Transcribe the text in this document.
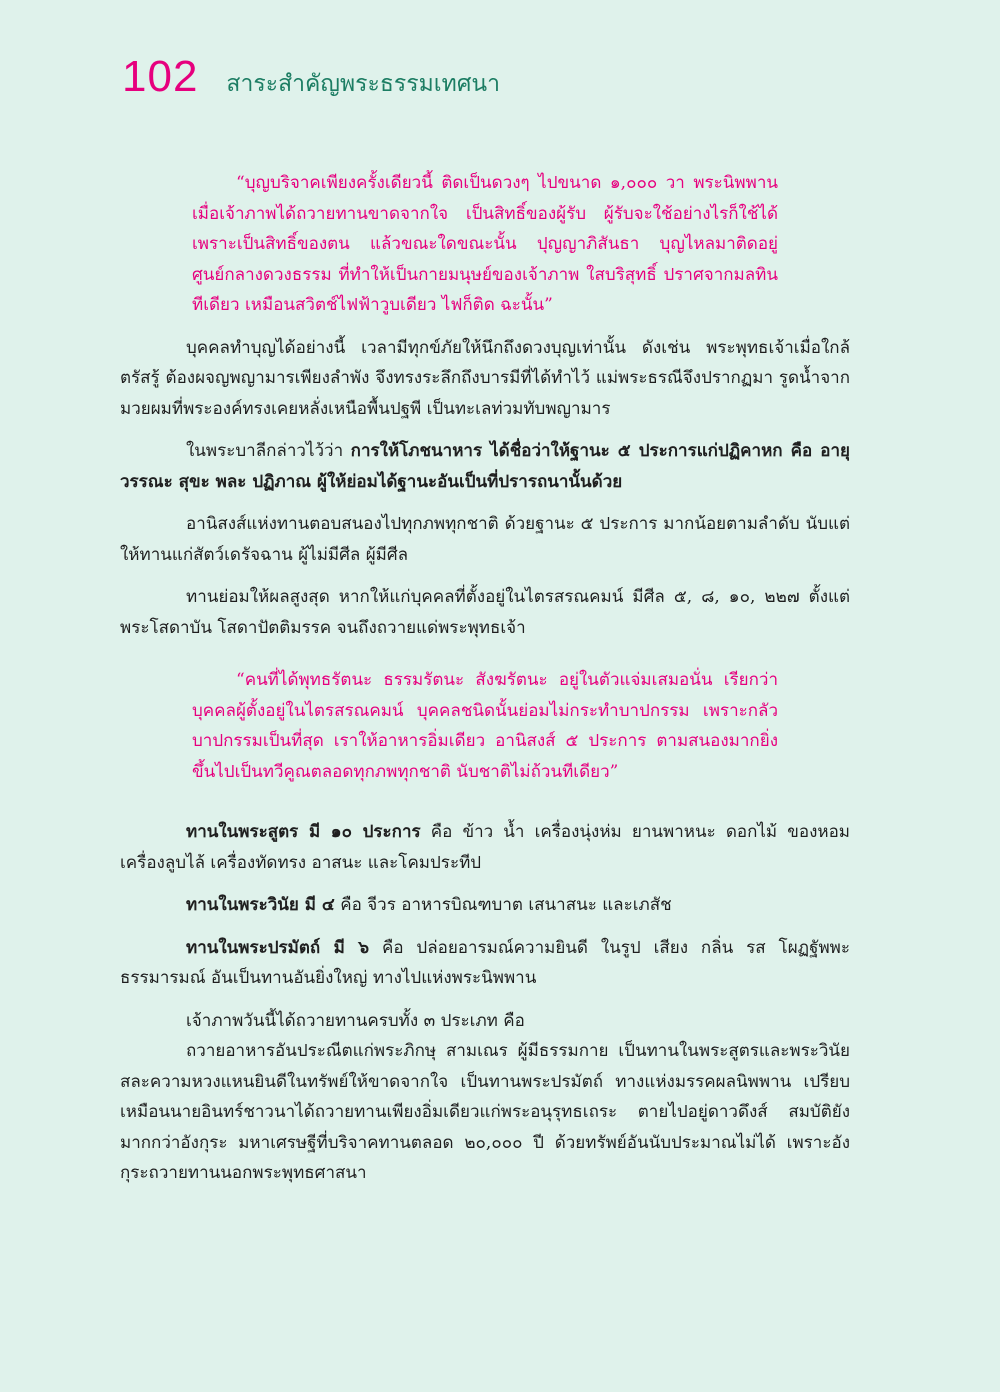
102 สาระสำคัญพระธรรมเทศนา

“บุญบริจาคเพียงครั้งเดียวนี้ ติดเป็นดวงๆ ไปขนาด ๑,๐๐๐ วา พระนิพพาน เมื่อเจ้าภาพได้ถวายทานขาดจากใจ เป็นสิทธิ์ของผู้รับ ผู้รับจะใช้อย่างไรก็ใช้ได้ เพราะเป็นสิทธิ์ของตน แล้วขณะใดขณะนั้น ปุญญาภิสันธา บุญไหลมาติดอยู่ ศูนย์กลางดวงธรรม ที่ทำให้เป็นกายมนุษย์ของเจ้าภาพ ใสบริสุทธิ์ ปราศจากมลทิน ทีเดียว เหมือนสวิตช์ไฟฟ้าวูบเดียว ไฟก็ติด ฉะนั้น”

บุคคลทำบุญได้อย่างนี้ เวลามีทุกข์ภัยให้นึกถึงดวงบุญเท่านั้น ดังเช่น พระพุทธเจ้าเมื่อใกล้ตรัสรู้ ต้องผจญพญามารเพียงลำพัง จึงทรงระลึกถึงบารมีที่ได้ทำไว้ แม่พระธรณีจึงปรากฏมา รูดน้ำจากมวยผมที่พระองค์ทรงเคยหลั่งเหนือพื้นปฐพี เป็นทะเลท่วมทับพญามาร

ในพระบาลีกล่าวไว้ว่า การให้โภชนาหาร ได้ชื่อว่าให้ฐานะ ๕ ประการแก่ปฏิคาหก คือ อายุ วรรณะ สุขะ พละ ปฏิภาณ ผู้ให้ย่อมได้ฐานะอันเป็นที่ปรารถนานั้นด้วย

อานิสงส์แห่งทานตอบสนองไปทุกภพทุกชาติ ด้วยฐานะ ๕ ประการ มากน้อยตามลำดับ นับแต่ให้ทานแก่สัตว์เดรัจฉาน ผู้ไม่มีศีล ผู้มีศีล

ทานย่อมให้ผลสูงสุด หากให้แก่บุคคลที่ตั้งอยู่ในไตรสรณคมน์ มีศีล ๕, ๘, ๑๐, ๒๒๗ ตั้งแต่พระโสดาบัน โสดาปัตติมรรค จนถึงถวายแด่พระพุทธเจ้า

“คนที่ได้พุทธรัตนะ ธรรมรัตนะ สังฆรัตนะ อยู่ในตัวแจ่มเสมอนั่น เรียกว่า บุคคลผู้ตั้งอยู่ในไตรสรณคมน์ บุคคลชนิดนั้นย่อมไม่กระทำบาปกรรม เพราะกลัวบาปกรรมเป็นที่สุด เราให้อาหารอิ่มเดียว อานิสงส์ ๕ ประการ ตามสนองมากยิ่งขึ้นไปเป็นทวีคูณตลอดทุกภพทุกชาติ นับชาติไม่ถ้วนทีเดียว”

ทานในพระสูตร มี ๑๐ ประการ คือ ข้าว น้ำ เครื่องนุ่งห่ม ยานพาหนะ ดอกไม้ ของหอม เครื่องลูบไล้ เครื่องทัดทรง อาสนะ และโคมประทีป

ทานในพระวินัย มี ๔ คือ จีวร อาหารบิณฑบาต เสนาสนะ และเภสัช

ทานในพระปรมัตถ์ มี ๖ คือ ปล่อยอารมณ์ความยินดี ในรูป เสียง กลิ่น รส โผฏฐัพพะ ธรรมารมณ์ อันเป็นทานอันยิ่งใหญ่ ทางไปแห่งพระนิพพาน

เจ้าภาพวันนี้ได้ถวายทานครบทั้ง ๓ ประเภท คือ

ถวายอาหารอันประณีตแก่พระภิกษุ สามเณร ผู้มีธรรมกาย เป็นทานในพระสูตรและพระวินัย สละความหวงแหนยินดีในทรัพย์ให้ขาดจากใจ เป็นทานพระปรมัตถ์ ทางแห่งมรรคผลนิพพาน เปรียบเหมือนนายอินทร์ชาวนาได้ถวายทานเพียงอิ่มเดียวแก่พระอนุรุทธเถระ ตายไปอยู่ดาวดึงส์ สมบัติยังมากกว่าอังกุระ มหาเศรษฐีที่บริจาคทานตลอด ๒๐,๐๐๐ ปี ด้วยทรัพย์อันนับประมาณไม่ได้ เพราะอังกุระถวายทานนอกพระพุทธศาสนา
